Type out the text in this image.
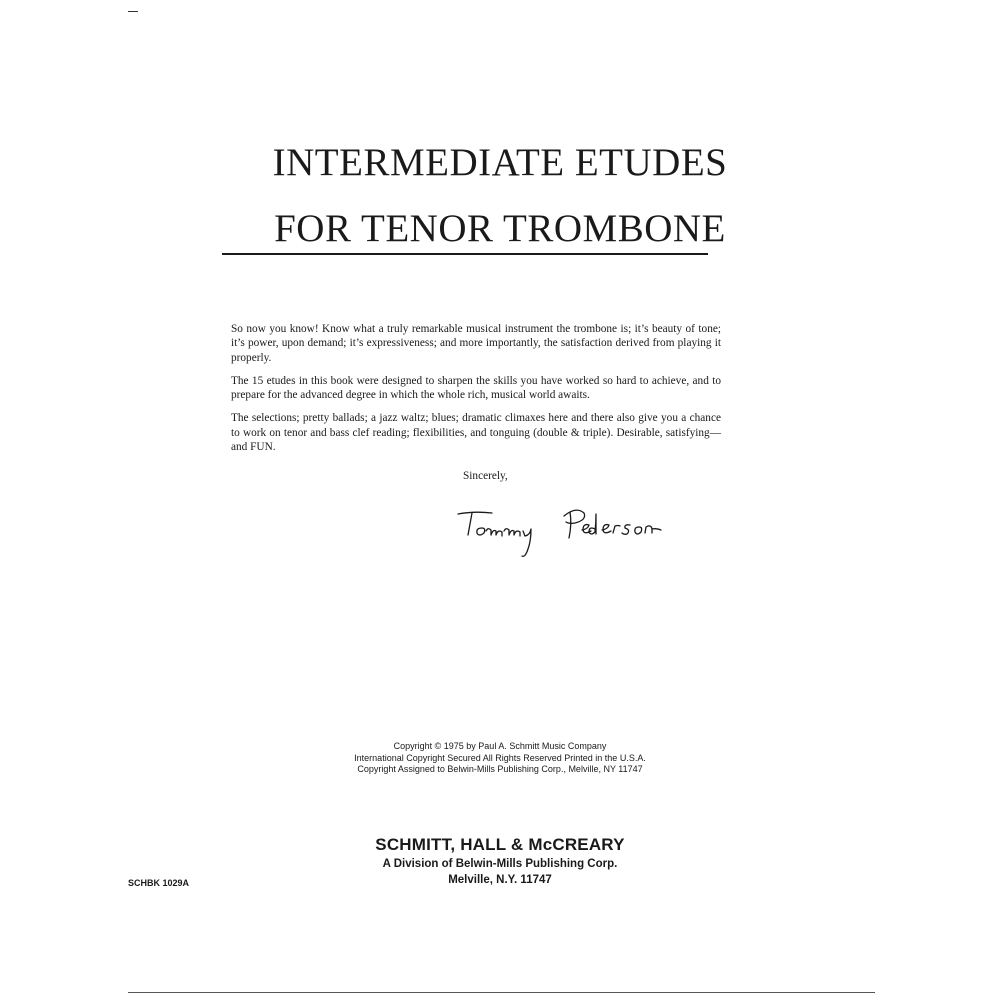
INTERMEDIATE ETUDES
FOR TENOR TROMBONE

So now you know! Know what a truly remarkable musical instrument the trombone is; it’s beauty of tone; it’s power, upon demand; it’s expressiveness; and more importantly, the satisfaction derived from playing it properly.

The 15 etudes in this book were designed to sharpen the skills you have worked so hard to achieve, and to prepare for the advanced degree in which the whole rich, musical world awaits.

The selections; pretty ballads; a jazz waltz; blues; dramatic climaxes here and there also give you a chance to work on tenor and bass clef reading; flexibilities, and tonguing (double & triple). Desirable, satisfying—and FUN.

Sincerely,
Copyright © 1975 by Paul A. Schmitt Music Company
International Copyright Secured All Rights Reserved Printed in the U.S.A.
Copyright Assigned to Belwin-Mills Publishing Corp., Melville, NY 11747
SCHMITT, HALL & McCREARY
A Division of Belwin-Mills Publishing Corp.
Melville, N.Y. 11747
SCHBK 1029A
